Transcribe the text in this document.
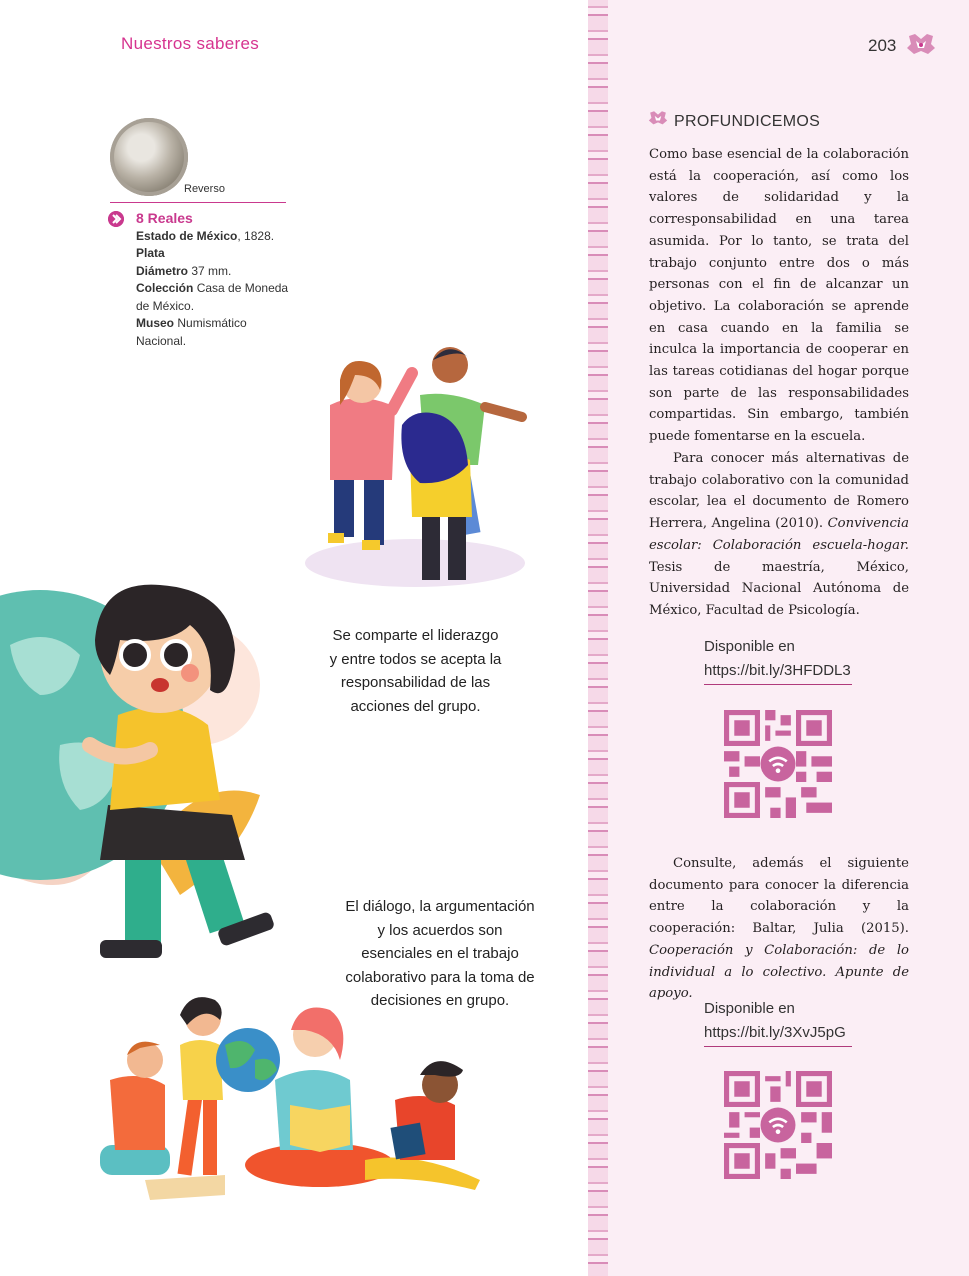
Nuestros saberes	203
Reverso
8 Reales
Estado de México, 1828.
Plata
Diámetro 37 mm.
Colección Casa de Moneda de México.
Museo Numismático Nacional.
Se comparte el liderazgo y entre todos se acepta la responsabilidad de las acciones del grupo.
El diálogo, la argumentación y los acuerdos son esenciales en el trabajo colaborativo para la toma de decisiones en grupo.
PROFUNDICEMOS

Como base esencial de la colaboración está la cooperación, así como los valores de solidaridad y la corresponsabilidad en una tarea asumida. Por lo tanto, se trata del trabajo conjunto entre dos o más personas con el fin de alcanzar un objetivo. La colaboración se aprende en casa cuando en la familia se inculca la importancia de cooperar en las tareas cotidianas del hogar porque son parte de las responsabilidades compartidas. Sin embargo, también puede fomentarse en la escuela.

Para conocer más alternativas de trabajo colaborativo con la comunidad escolar, lea el documento de Romero Herrera, Angelina (2010). Convivencia escolar: Colaboración escuela-hogar. Tesis de maestría, México, Universidad Nacional Autónoma de México, Facultad de Psicología.

Disponible en
https://bit.ly/3HFDDL3

Consulte, además el siguiente documento para conocer la diferencia entre la colaboración y la cooperación: Baltar, Julia (2015). Cooperación y Colaboración: de lo individual a lo colectivo. Apunte de apoyo.

Disponible en
https://bit.ly/3XvJ5pG
